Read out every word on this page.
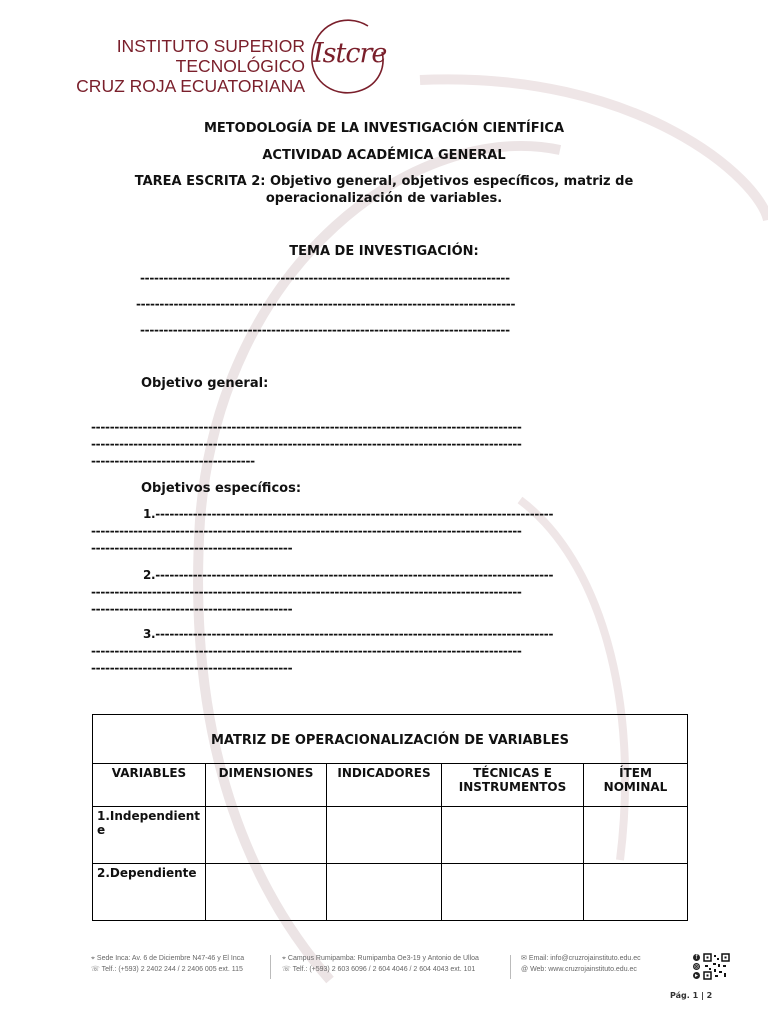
INSTITUTO SUPERIOR TECNOLÓGICO
CRUZ ROJA ECUATORIANA
Istcre
METODOLOGÍA DE LA INVESTIGACIÓN CIENTÍFICA
ACTIVIDAD ACADÉMICA GENERAL
TAREA ESCRITA 2: Objetivo general, objetivos específicos, matriz de
operacionalización de variables.
TEMA DE INVESTIGACIÓN:
-------------------------------------------------------------------------------
---------------------------------------------------------------------------------
-------------------------------------------------------------------------------
Objetivo general:
--------------------------------------------------------------------------------------------
--------------------------------------------------------------------------------------------
-----------------------------------
Objetivos específicos:
1.-------------------------------------------------------------------------------------
--------------------------------------------------------------------------------------------
-------------------------------------------
2.-------------------------------------------------------------------------------------
--------------------------------------------------------------------------------------------
-------------------------------------------
3.-------------------------------------------------------------------------------------
--------------------------------------------------------------------------------------------
-------------------------------------------
MATRIZ DE OPERACIONALIZACIÓN DE VARIABLES				
VARIABLES	DIMENSIONES	INDICADORES	TÉCNICAS E INSTRUMENTOS	ÍTEM NOMINAL
1.Independiente				
2.Dependiente				
⌖ Sede Inca: Av. 6 de Diciembre N47-46 y El Inca
☏ Telf.: (+593) 2 2402 244 / 2 2406 005 ext. 115
⌖ Campus Rumipamba: Rumipamba Oe3-19 y Antonio de Ulloa
☏ Telf.: (+593) 2 603 6096 / 2 604 4046 / 2 604 4043 ext. 101
✉ Email: info@cruzrojainstituto.edu.ec
@ Web: www.cruzrojainstituto.edu.ec
f
◎
▸
Pág. 1 | 2
